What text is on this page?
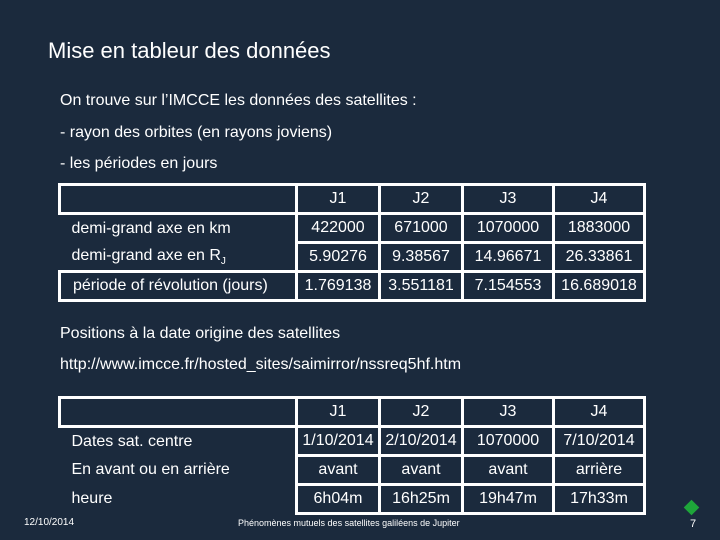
Mise en tableur des données
On trouve sur l’IMCCE les données des satellites :
- rayon des orbites (en rayons joviens)
- les périodes en jours
	J1	J2	J3	J4
demi-grand axe en km	422000	671000	1070000	1883000
demi-grand axe en $R_J$	5.90276	9.38567	14.96671	26.33861
période of révolution (jours)	1.769138	3.551181	7.154553	16.689018
Positions à la date origine des satellites
http://www.imcce.fr/hosted_sites/saimirror/nssreq5hf.htm
	J1	J2	J3	J4
Dates sat. centre	1/10/2014	2/10/2014	1070000	7/10/2014
En avant ou en arrière	avant	avant	avant	arrière
heure	6h04m	16h25m	19h47m	17h33m
12/10/2014	Phénomènes mutuels des satellites galiléens de Jupiter	7
